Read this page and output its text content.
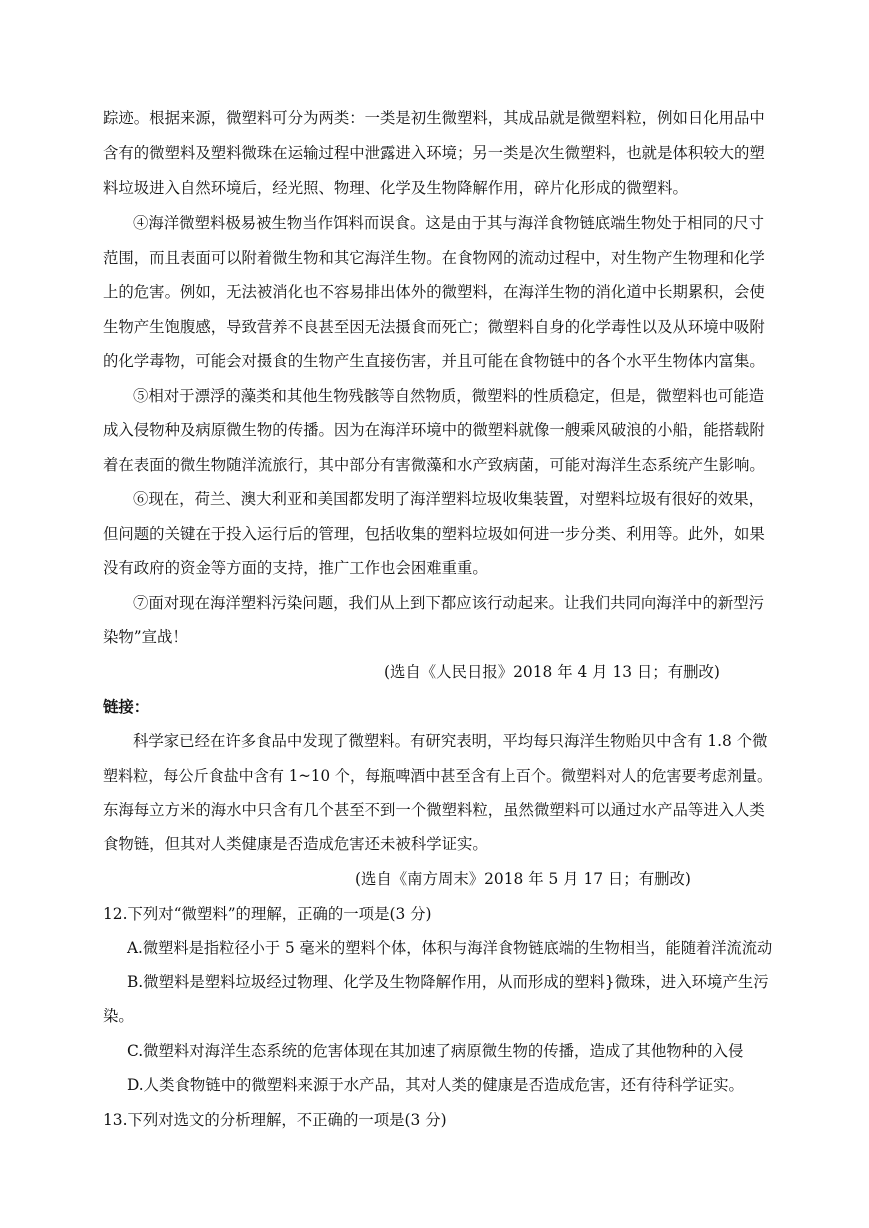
踪迹。根据来源，微塑料可分为两类：一类是初生微塑料，其成品就是微塑料粒，例如日化用品中
含有的微塑料及塑料微珠在运输过程中泄露进入环境；另一类是次生微塑料，也就是体积较大的塑
料垃圾进入自然环境后，经光照、物理、化学及生物降解作用，碎片化形成的微塑料。
④海洋微塑料极易被生物当作饵料而误食。这是由于其与海洋食物链底端生物处于相同的尺寸
范围，而且表面可以附着微生物和其它海洋生物。在食物网的流动过程中，对生物产生物理和化学
上的危害。例如，无法被消化也不容易排出体外的微塑料，在海洋生物的消化道中长期累积，会使
生物产生饱腹感，导致营养不良甚至因无法摄食而死亡；微塑料自身的化学毒性以及从环境中吸附
的化学毒物，可能会对摄食的生物产生直接伤害，并且可能在食物链中的各个水平生物体内富集。
⑤相对于漂浮的藻类和其他生物残骸等自然物质，微塑料的性质稳定，但是，微塑料也可能造
成入侵物种及病原微生物的传播。因为在海洋环境中的微塑料就像一艘乘风破浪的小船，能搭载附
着在表面的微生物随洋流旅行，其中部分有害微藻和水产致病菌，可能对海洋生态系统产生影响。
⑥现在，荷兰、澳大利亚和美国都发明了海洋塑料垃圾收集装置，对塑料垃圾有很好的效果，
但问题的关键在于投入运行后的管理，包括收集的塑料垃圾如何进一步分类、利用等。此外，如果
没有政府的资金等方面的支持，推广工作也会困难重重。
⑦面对现在海洋塑料污染问题，我们从上到下都应该行动起来。让我们共同向海洋中的新型污
染物”宣战！
(选自《人民日报》2018 年 4 月 13 日；有删改)
链接：
科学家已经在许多食品中发现了微塑料。有研究表明，平均每只海洋生物贻贝中含有 1.8 个微
塑料粒，每公斤食盐中含有 1~10 个，每瓶啤酒中甚至含有上百个。微塑料对人的危害要考虑剂量。
东海每立方米的海水中只含有几个甚至不到一个微塑料粒，虽然微塑料可以通过水产品等进入人类
食物链，但其对人类健康是否造成危害还未被科学证实。
(选自《南方周末》2018 年 5 月 17 日；有删改)
12.下列对“微塑料”的理解，正确的一项是(3 分)
A.微塑料是指粒径小于 5 毫米的塑料个体，体积与海洋食物链底端的生物相当，能随着洋流流动
B.微塑料是塑料垃圾经过物理、化学及生物降解作用，从而形成的塑料}微珠，进入环境产生污
染。
C.微塑料对海洋生态系统的危害体现在其加速了病原微生物的传播，造成了其他物种的入侵
D.人类食物链中的微塑料来源于水产品，其对人类的健康是否造成危害，还有待科学证实。
13.下列对选文的分析理解，不正确的一项是(3 分)
